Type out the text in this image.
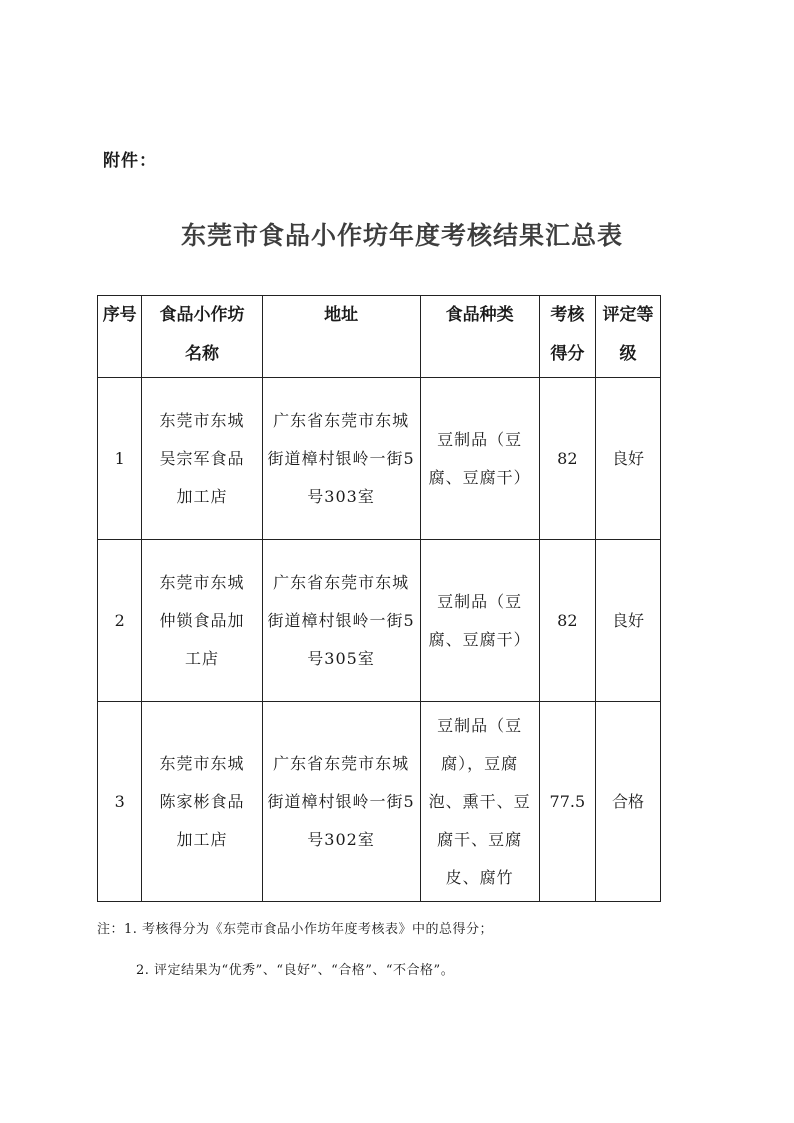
附件：
东莞市食品小作坊年度考核结果汇总表
序号	食品小作坊名称	地址	食品种类	考核得分	评定等级
1	东莞市东城吴宗军食品加工店	广东省东莞市东城街道樟村银岭一街5号303室	豆制品（豆腐、豆腐干）	82	良好
2	东莞市东城仲锁食品加工店	广东省东莞市东城街道樟村银岭一街5号305室	豆制品（豆腐、豆腐干）	82	良好
3	东莞市东城陈家彬食品加工店	广东省东莞市东城街道樟村银岭一街5号302室	豆制品（豆腐），豆腐泡、熏干、豆腐干、豆腐皮、腐竹	77.5	合格
注：1. 考核得分为《东莞市食品小作坊年度考核表》中的总得分；
2. 评定结果为“优秀”、“良好”、“合格”、“不合格”。
